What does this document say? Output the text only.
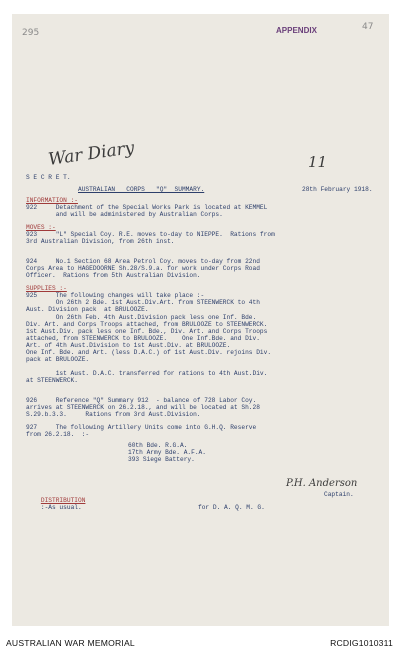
295	APPENDIX	47
War Diary	11
S E C R E T.
AUSTRALIAN   CORPS   "Q"  SUMMARY.	28th February 1918.
INFORMATION :-
922     Detachment of the Special Works Park is located at KEMMEL
and will be administered by Australian Corps.
MOVES :-
923     "L" Special Coy. R.E. moves to-day to NIEPPE.  Rations from
3rd Australian Division, from 26th inst.
924     No.1 Section 68 Area Petrol Coy. moves to-day from 22nd
Corps Area to HAGEDOORNE Sh.28/S.9.a. for work under Corps Road
Officer.  Rations from 5th Australian Division.
SUPPLIES :-
925     The following changes will take place :-
On 26th 2 Bde. 1st Aust.Div.Art. from STEENWERCK to 4th
Aust. Division pack  at BRULOOZE.
On 26th Feb. 4th Aust.Division pack less one Inf. Bde.
Div. Art. and Corps Troops attached, from BRULOOZE to STEENWERCK.
1st Aust.Div. pack less one Inf. Bde., Div. Art. and Corps Troops
attached, from STEENWERCK to BRULOOZE.    One Inf.Bde. and Div.
Art. of 4th Aust.Division to 1st Aust.Div. at BRULOOZE.
One Inf. Bde. and Art. (less D.A.C.) of 1st Aust.Div. rejoins Div.
pack at BRULOOZE.
1st Aust. D.A.C. transferred for rations to 4th Aust.Div.
at STEENWERCK.
926     Reference "Q" Summary 912  - balance of 728 Labor Coy.
arrives at STEENWERCK on 26.2.18., and will be located at Sh.28
S.29.b.3.3.     Rations from 3rd Aust.Division.
927     The following Artillery Units come into G.H.Q. Reserve
from 26.2.18.  :-
60th Bde. R.G.A.
17th Army Bde. A.F.A.
393 Siege Battery.
P.H. Anderson

DISTRIBUTION
:-As usual.

Captain.
for D. A. Q. M. G.
AUSTRALIAN WAR MEMORIAL	RCDIG1010311
